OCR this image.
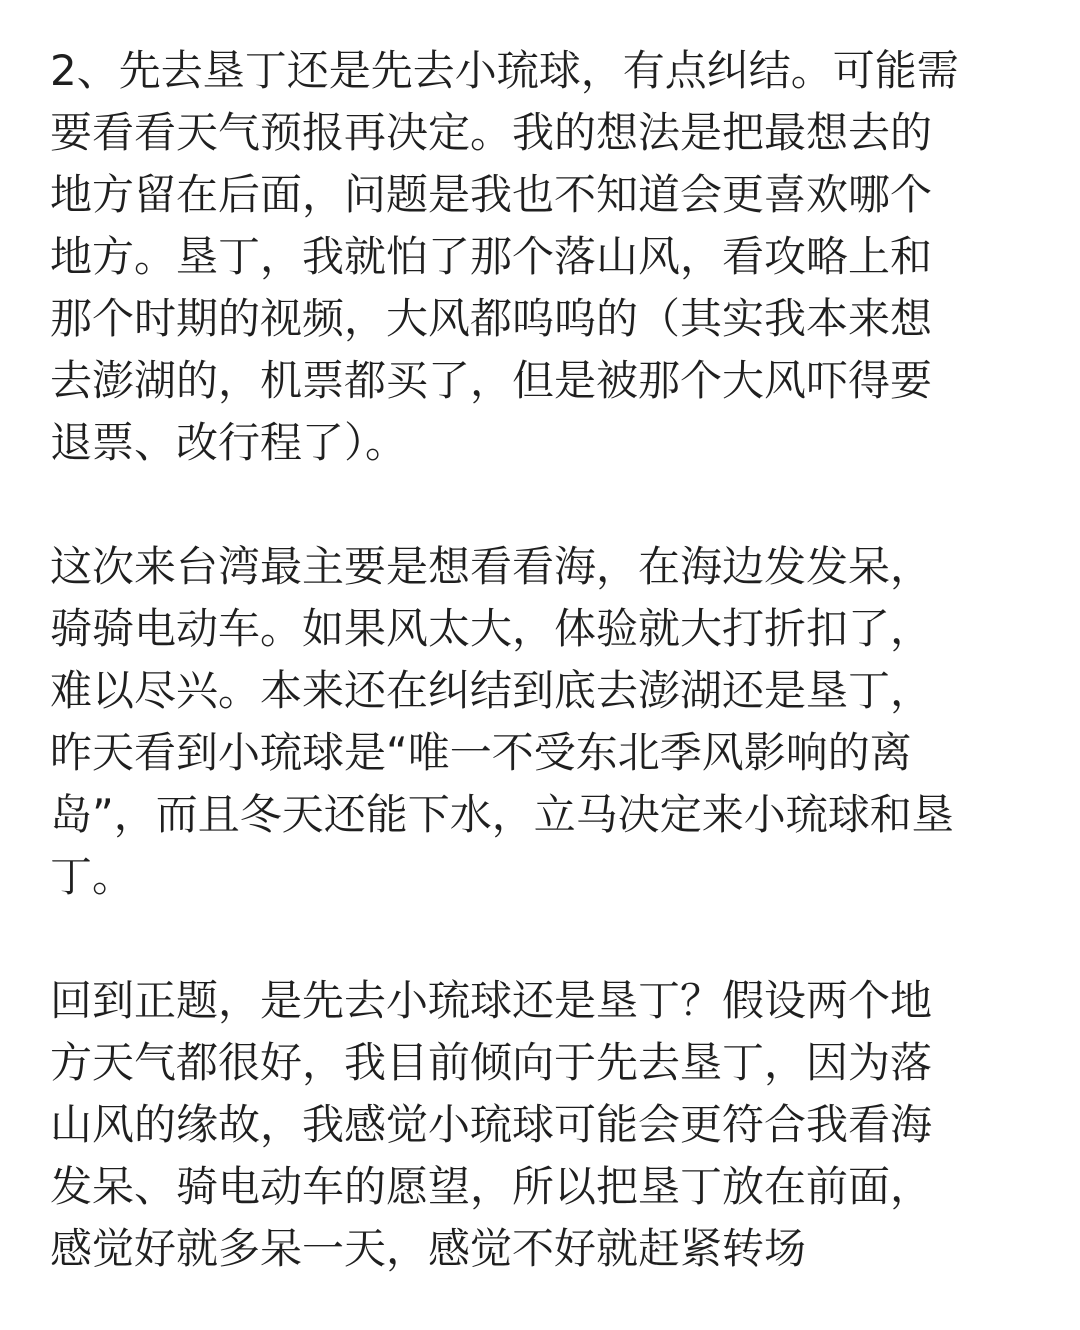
2、先去垦丁还是先去小琉球，有点纠结。可能需
要看看天气预报再决定。我的想法是把最想去的
地方留在后面，问题是我也不知道会更喜欢哪个
地方。垦丁，我就怕了那个落山风，看攻略上和
那个时期的视频，大风都呜呜的（其实我本来想
去澎湖的，机票都买了，但是被那个大风吓得要
退票、改行程了）。

这次来台湾最主要是想看看海，在海边发发呆，
骑骑电动车。如果风太大，体验就大打折扣了，
难以尽兴。本来还在纠结到底去澎湖还是垦丁，
昨天看到小琉球是“唯一不受东北季风影响的离
岛”，而且冬天还能下水，立马决定来小琉球和垦
丁。

回到正题，是先去小琉球还是垦丁？假设两个地
方天气都很好，我目前倾向于先去垦丁，因为落
山风的缘故，我感觉小琉球可能会更符合我看海
发呆、骑电动车的愿望，所以把垦丁放在前面，
感觉好就多呆一天，感觉不好就赶紧转场
